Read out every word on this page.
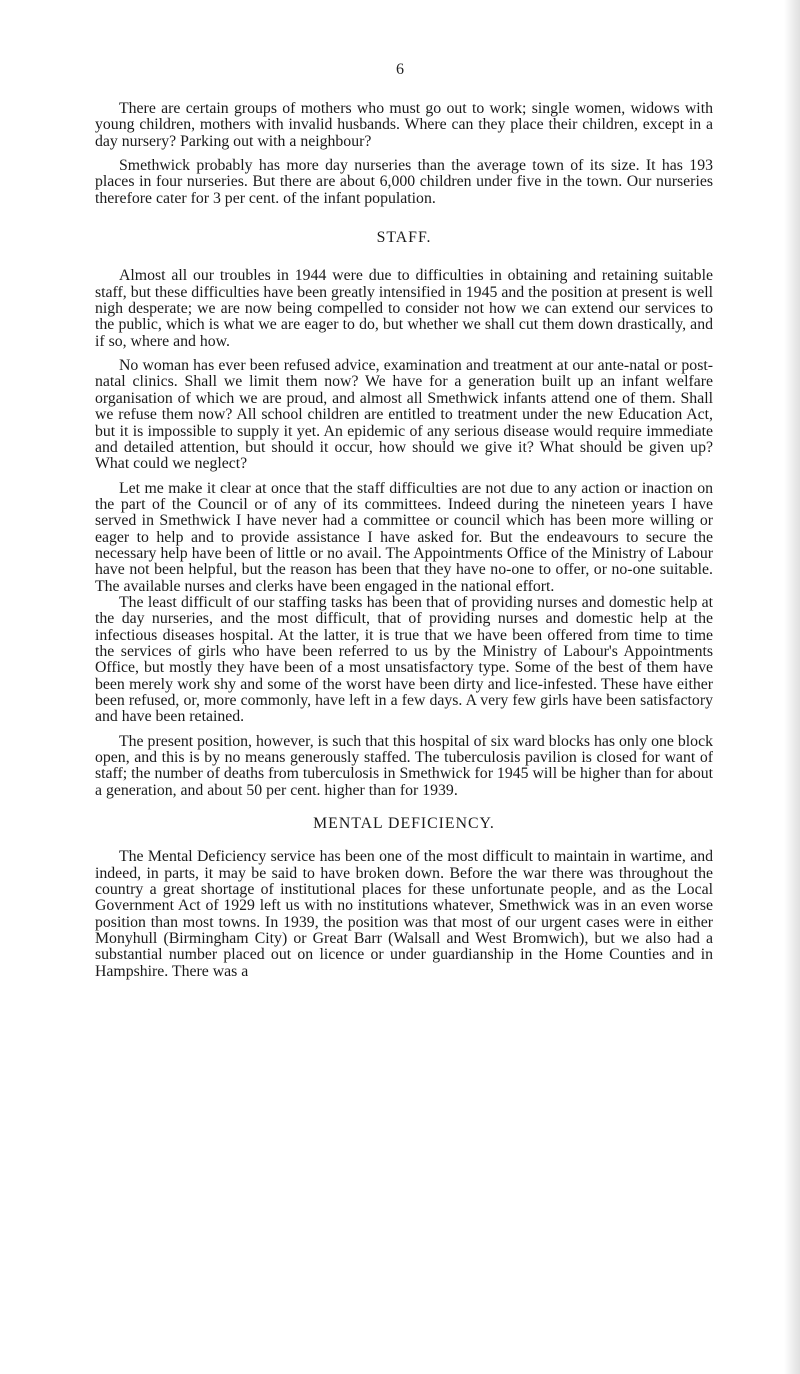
6

There are certain groups of mothers who must go out to work; single women, widows with young children, mothers with invalid husbands. Where can they place their children, except in a day nursery? Parking out with a neighbour?

Smethwick probably has more day nurseries than the average town of its size. It has 193 places in four nurseries. But there are about 6,000 children under five in the town. Our nurseries therefore cater for 3 per cent. of the infant population.

STAFF.

Almost all our troubles in 1944 were due to difficulties in obtaining and retaining suitable staff, but these difficulties have been greatly intensified in 1945 and the position at present is well nigh desperate; we are now being compelled to consider not how we can extend our services to the public, which is what we are eager to do, but whether we shall cut them down drastically, and if so, where and how.

No woman has ever been refused advice, examination and treatment at our ante-natal or post-natal clinics. Shall we limit them now? We have for a generation built up an infant welfare organisation of which we are proud, and almost all Smethwick infants attend one of them. Shall we refuse them now? All school children are entitled to treatment under the new Education Act, but it is impossible to supply it yet. An epidemic of any serious disease would require immediate and detailed attention, but should it occur, how should we give it? What should be given up? What could we neglect?

Let me make it clear at once that the staff difficulties are not due to any action or inaction on the part of the Council or of any of its committees. Indeed during the nineteen years I have served in Smethwick I have never had a committee or council which has been more willing or eager to help and to provide assistance I have asked for. But the endeavours to secure the necessary help have been of little or no avail. The Appointments Office of the Ministry of Labour have not been helpful, but the reason has been that they have no-one to offer, or no-one suitable. The available nurses and clerks have been engaged in the national effort.

The least difficult of our staffing tasks has been that of providing nurses and domestic help at the day nurseries, and the most difficult, that of providing nurses and domestic help at the infectious diseases hospital. At the latter, it is true that we have been offered from time to time the services of girls who have been referred to us by the Ministry of Labour's Appointments Office, but mostly they have been of a most unsatisfactory type. Some of the best of them have been merely work shy and some of the worst have been dirty and lice-infested. These have either been refused, or, more commonly, have left in a few days. A very few girls have been satisfactory and have been retained.

The present position, however, is such that this hospital of six ward blocks has only one block open, and this is by no means generously staffed. The tuberculosis pavilion is closed for want of staff; the number of deaths from tuberculosis in Smethwick for 1945 will be higher than for about a generation, and about 50 per cent. higher than for 1939.

MENTAL DEFICIENCY.

The Mental Deficiency service has been one of the most difficult to maintain in wartime, and indeed, in parts, it may be said to have broken down. Before the war there was throughout the country a great shortage of institutional places for these unfortunate people, and as the Local Government Act of 1929 left us with no institutions whatever, Smethwick was in an even worse position than most towns. In 1939, the position was that most of our urgent cases were in either Monyhull (Birmingham City) or Great Barr (Walsall and West Bromwich), but we also had a substantial number placed out on licence or under guardianship in the Home Counties and in Hampshire. There was a
